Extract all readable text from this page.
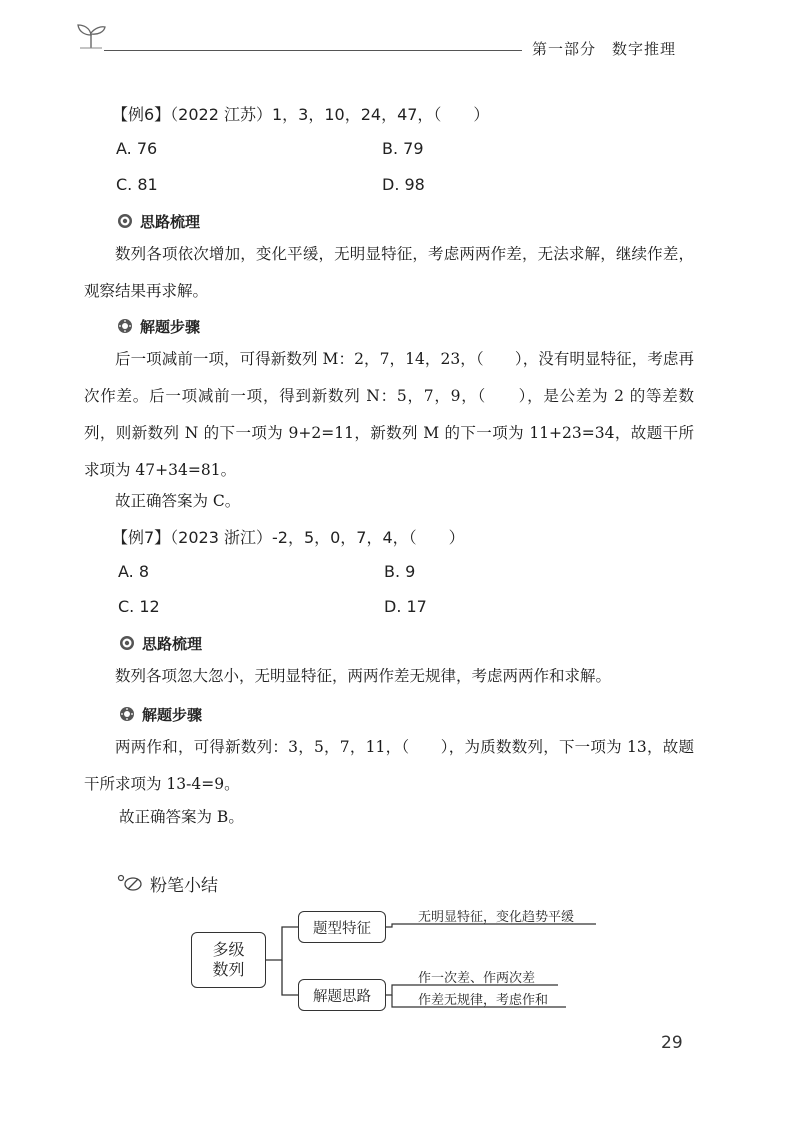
第一部分　数字推理
【例6】（2022 江苏）1，3，10，24，47，（　　）
A. 76	B. 79
C. 81	D. 98
思路梳理

数列各项依次增加，变化平缓，无明显特征，考虑两两作差，无法求解，继续作差，观察结果再求解。

解题步骤

后一项减前一项，可得新数列 M：2，7，14，23，（　　），没有明显特征，考虑再次作差。后一项减前一项，得到新数列 N：5，7，9，（　　），是公差为 2 的等差数列，则新数列 N 的下一项为 9+2=11，新数列 M 的下一项为 11+23=34，故题干所求项为 47+34=81。

故正确答案为 C。
【例7】（2023 浙江）-2，5，0，7，4，（　　）
A. 8	B. 9
C. 12	D. 17
思路梳理

数列各项忽大忽小，无明显特征，两两作差无规律，考虑两两作和求解。

解题步骤

两两作和，可得新数列：3，5，7，11，（　　），为质数数列，下一项为 13，故题干所求项为 13-4=9。

故正确答案为 B。
粉笔小结
多级
数列
题型特征
解题思路
无明显特征，变化趋势平缓
作一次差、作两次差
作差无规律，考虑作和
29
